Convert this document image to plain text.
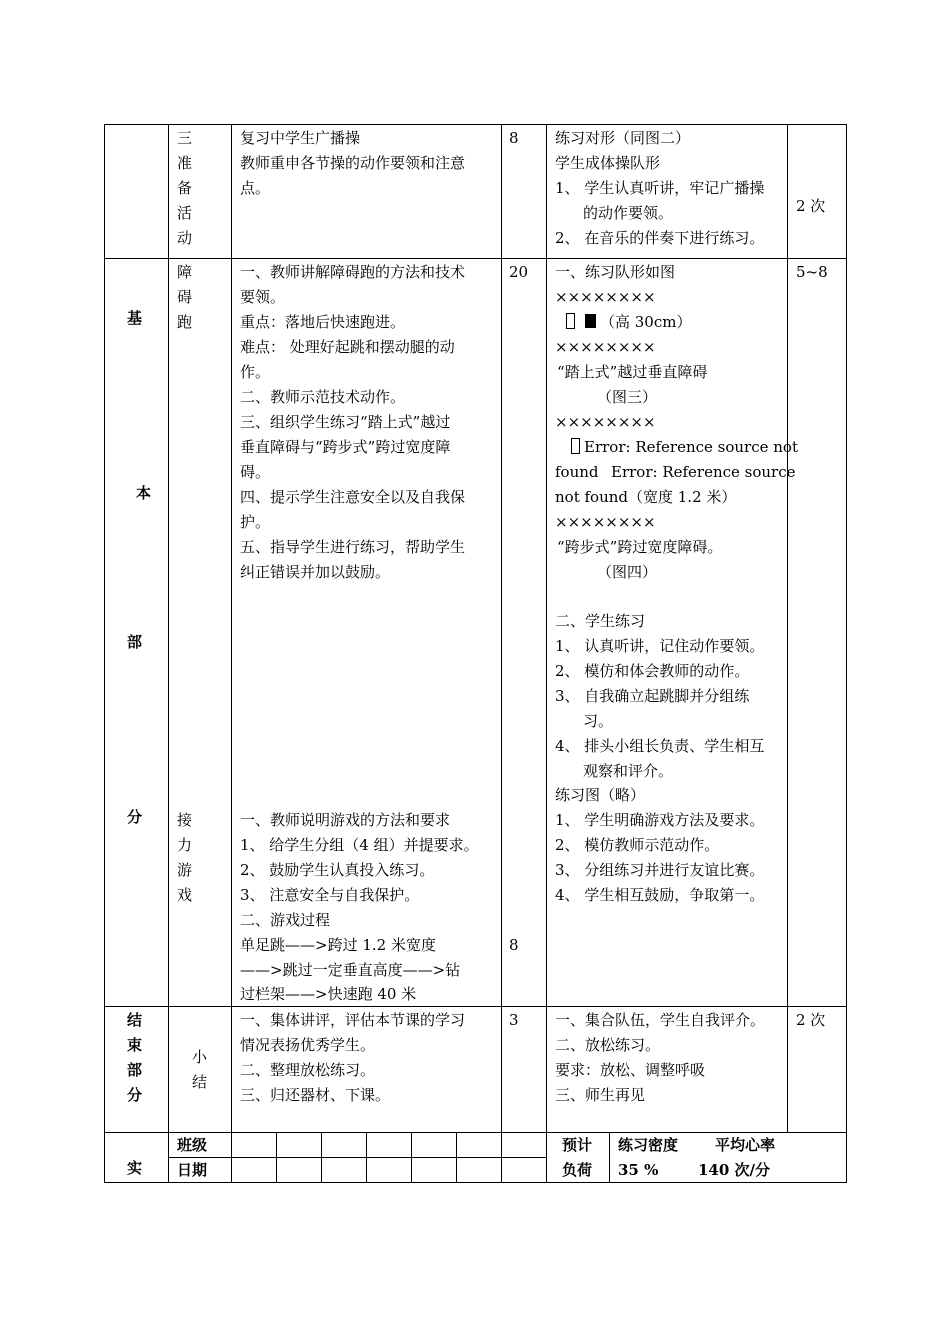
基
本
部
分
结
束
部
分
实
三
准
备
活
动
复习中学生广播操
教师重申各节操的动作要领和注意
点。
8 练习对形（同图二）
学生成体操队形
1、 学生认真听讲，牢记广播操
的动作要领。
2、 在音乐的伴奏下进行练习。
2 次
障
碍
跑
一、教师讲解障碍跑的方法和技术
要领。
重点：落地后快速跑进。
难点： 处理好起跳和摆动腿的动
作。
二、教师示范技术动作。
三、组织学生练习“踏上式”越过
垂直障碍与“跨步式”跨过宽度障
碍。
四、提示学生注意安全以及自我保
护。
五、指导学生进行练习，帮助学生
纠正错误并加以鼓励。
20	5~8
一、练习队形如图
××××××××
（高 30cm）
××××××××
“踏上式”越过垂直障碍
（图三）
××××××××
Error: Reference source not
found Error: Reference source
not found（宽度 1.2 米）
××××××××
“跨步式”跨过宽度障碍。
（图四）
二、学生练习
1、 认真听讲，记住动作要领。
2、 模仿和体会教师的动作。
3、 自我确立起跳脚并分组练
习。
4、 排头小组长负责、学生相互
观察和评介。
练习图（略）
接
力
游
戏
一、教师说明游戏的方法和要求
1、 给学生分组（4 组）并提要求。
2、 鼓励学生认真投入练习。
3、 注意安全与自我保护。
二、游戏过程
单足跳——>跨过 1.2 米宽度
——>跳过一定垂直高度——>钻
过栏架——>快速跑 40 米
8
1、 学生明确游戏方法及要求。
2、 模仿教师示范动作。
3、 分组练习并进行友谊比赛。
4、 学生相互鼓励，争取第一。
小
结
一、集体讲评，评估本节课的学习
情况表扬优秀学生。
二、整理放松练习。
三、归还器材、下课。
3 一、集合队伍，学生自我评介。
二、放松练习。
要求：放松、调整呼吸
三、师生再见
2 次
班级
日期
预计
负荷
练习密度 平均心率
35 %	140 次/分
